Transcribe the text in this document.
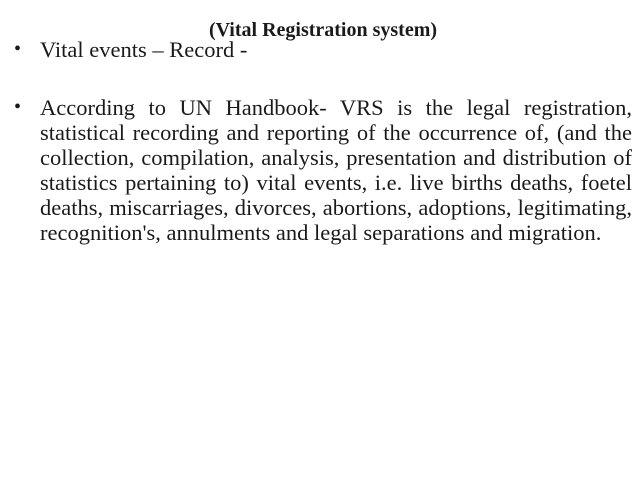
(Vital Registration system)
• Vital events – Record -
• According to UN Handbook- VRS is the legal registration, statistical recording and reporting of the occurrence of, (and the collection, compilation, analysis, presentation and distribution of statistics pertaining to) vital events, i.e. live births deaths, foetel deaths, miscarriages, divorces, abortions, adoptions, legitimating, recognition's, annulments and legal separations and migration.
